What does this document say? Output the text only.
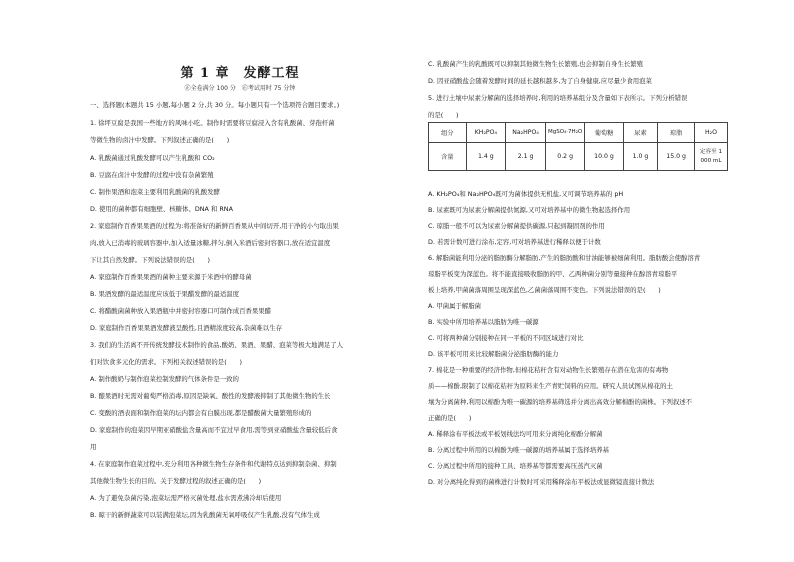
第 1 章　发酵工程
㊣全卷满分 100 分　㊣考试用时 75 分钟
一、选择题(本题共 15 小题,每小题 2 分,共 30 分。每小题只有一个选项符合题目要求。)
1. 徐坪豆腐是我国一些地方的风味小吃。制作时需要将豆腐浸入含有乳酸菌、芽孢杆菌
等微生物的卤汁中发酵。下列叙述正确的是(　　)
A. 乳酸菌通过乳酸发酵可以产生乳酸和 CO₂
B. 豆腐在卤汁中发酵的过程中没有杂菌繁殖
C. 制作果酒和泡菜主要利用乳酸菌的乳酸发酵
D. 使用的菌种都有细胞壁、核糖体、DNA 和 RNA
2. 家庭制作百香果果酒的过程为:将准备好的新鲜百香果从中间切开,用干净的小勺取出果
肉,放入已消毒的玻璃容器中,加入适量冰糖,拌匀,倒入米酒后密封容器口,放在适宜温度
下让其自然发酵。下列说法错误的是(　　)
A. 家庭制作百香果果酒的菌种主要来源于米酒中的酵母菌
B. 果酒发酵的最适温度应该低于果醋发酵的最适温度
C. 将醋酸菌菌种放入果酒瓶中并密封容器口可制作成百香果果醋
D. 家庭制作百香果果酒发酵液呈酸性,且酒精浓度较高,杂菌难以生存
3. 我们的生活离不开传统发酵技术制作的食品,酸奶、果酒、果醋、泡菜等极大地满足了人
们对饮食多元化的需求。下列相关叙述错误的是(　　)
A. 制作酸奶与制作泡菜控制发酵的气体条件是一致的
B. 酿果酒时无需对葡萄严格消毒,原因是缺氧、酸性的发酵液抑制了其他微生物的生长
C. 变酸的酒表面和制作泡菜的坛内都会有白膜出现,都是醋酸菌大量繁殖形成的
D. 家庭制作的泡菜因早期亚硝酸盐含量高而不宜过早食用,需等到亚硝酸盐含量较低后食
用
4. 在家庭制作泡菜过程中,充分利用各种微生物生存条件和代谢特点达到抑制杂菌、抑制
其他微生物生长的目的。关于发酵过程的叙述正确的是(　　)
A. 为了避免杂菌污染,泡菜坛需严格灭菌处理,盐水需煮沸冷却后使用
B. 晾干的新鲜蔬菜可以装满泡菜坛,因为乳酸菌无氧呼吸仅产生乳酸,没有气体生成
C. 乳酸菌产生的乳酸既可以抑制其他微生物生长繁殖,也会抑制自身生长繁殖
D. 因亚硝酸盐会随着发酵时间的延长越积越多,为了自身健康,应尽量少食用泡菜
5. 进行土壤中尿素分解菌的选择培养时,利用的培养基组分及含量如下表所示。下列分析错误
的是(　　)
组分	KH₂PO₄	Na₂HPO₄	MgSO₄·7H₂O	葡萄糖	尿素	琼脂	H₂O
含量	1.4 g	2.1 g	0.2 g	10.0 g	1.0 g	15.0 g	定容至 1 000 mL
A. KH₂PO₄和 Na₂HPO₄既可为菌体提供无机盐,又可调节培养基的 pH
B. 尿素既可为尿素分解菌提供氮源,又可对培养基中的微生物起选择作用
C. 琼脂一般不可以为尿素分解菌提供碳源,只起到凝固剂的作用
D. 若需计数可进行涂布,定容,可对培养基进行稀释以便于计数
6. 解脂菌能利用分泌的脂肪酶分解脂肪,产生的脂肪酸和甘油能够被细菌利用。脂肪酸会使醇溶青
琼脂平板变为深蓝色。将不能直接吸收脂肪的甲、乙两种菌分别等量接种在醇溶青琼脂平
板上培养,甲菌菌落周围呈现深蓝色,乙菌菌落周围不变色。下列说法错误的是(　　)
A. 甲菌属于解脂菌
B. 实验中所用培养基以脂肪为唯一碳源
C. 可将两种菌分别接种在同一平板的不同区域进行对比
D. 该平板可用来比较解脂菌分泌脂肪酶的能力
7. 棉花是一种重要的经济作物,但棉花秸秆含有对动物生长繁殖存在潜在危害的有毒物
质——棉酚,限制了以棉花秸秆为原料来生产青贮饲料的应用。研究人员试图从棉花的土
壤为分离菌种,利用以棉酚为唯一碳源的培养基筛选并分离出高效分解棉酚的菌株。下列叙述不
正确的是(　　)
A. 稀释涂布平板法或平板划线法均可用来分离纯化棉酚分解菌
B. 分离过程中所用的以棉酚为唯一碳源的培养基属于选择培养基
C. 分离过程中所用的接种工具、培养基等都需要高压蒸汽灭菌
D. 对分离纯化得到的菌株进行计数时可采用稀释涂布平板法或显微镜直接计数法
